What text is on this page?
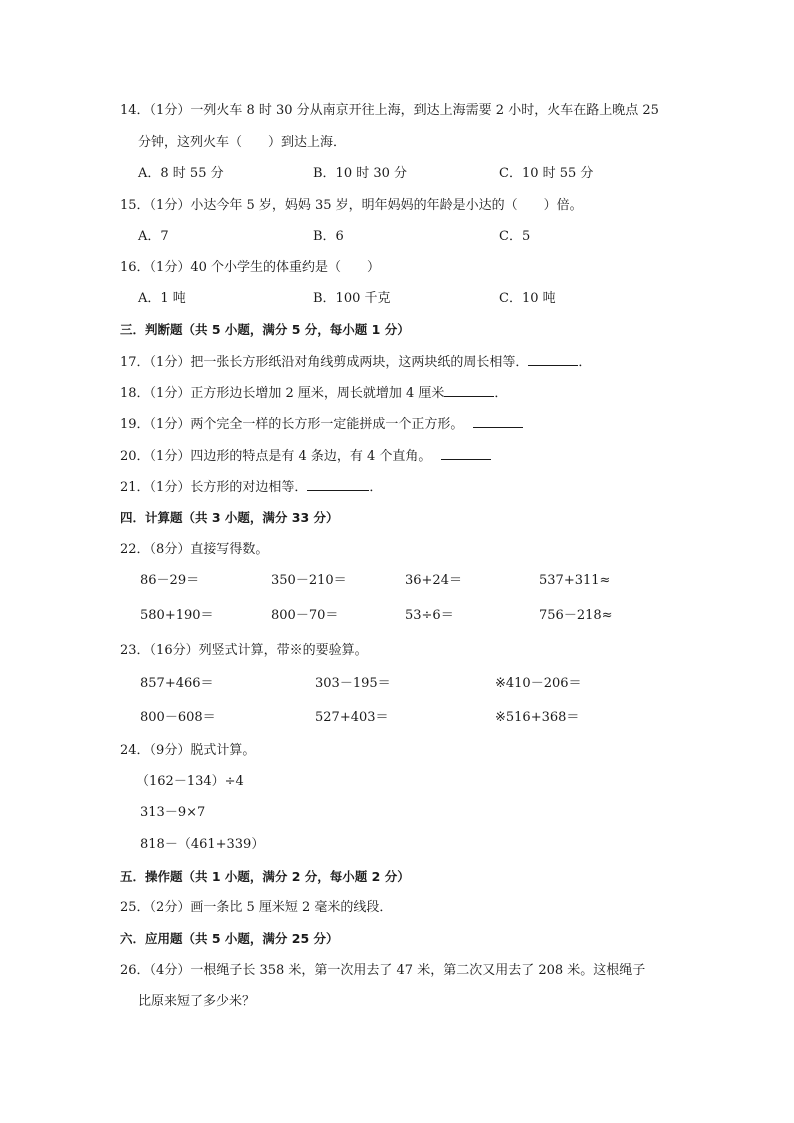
14．（1分）一列火车 8 时 30 分从南京开往上海，到达上海需要 2 小时，火车在路上晚点 25
分钟，这列火车（　　）到达上海．
A．8 时 55 分	B．10 时 30 分	C．10 时 55 分
15．（1分）小达今年 5 岁，妈妈 35 岁，明年妈妈的年龄是小达的（　　）倍。
A．7	B．6	C．5
16．（1分）40 个小学生的体重约是（　　）
A．1 吨	B．100 千克	C．10 吨
三．判断题（共 5 小题，满分 5 分，每小题 1 分）
17．（1分）把一张长方形纸沿对角线剪成两块，这两块纸的周长相等．	．
18．（1分）正方形边长增加 2 厘米，周长就增加 4 厘米	．
19．（1分）两个完全一样的长方形一定能拼成一个正方形。
20．（1分）四边形的特点是有 4 条边，有 4 个直角。
21．（1分）长方形的对边相等．	．
四．计算题（共 3 小题，满分 33 分）
22．（8分）直接写得数。
86－29＝	350－210＝	36+24＝	537+311≈
580+190＝	800－70＝	53÷6＝	756－218≈
23．（16分）列竖式计算，带※的要验算。
857+466＝	303－195＝	※410－206＝
800－608＝	527+403＝	※516+368＝
24．（9分）脱式计算。
（162－134）÷4
313－9×7
818－（461+339）
五．操作题（共 1 小题，满分 2 分，每小题 2 分）
25．（2分）画一条比 5 厘米短 2 毫米的线段．
六．应用题（共 5 小题，满分 25 分）
26．（4分）一根绳子长 358 米，第一次用去了 47 米，第二次又用去了 208 米。这根绳子
比原来短了多少米？
